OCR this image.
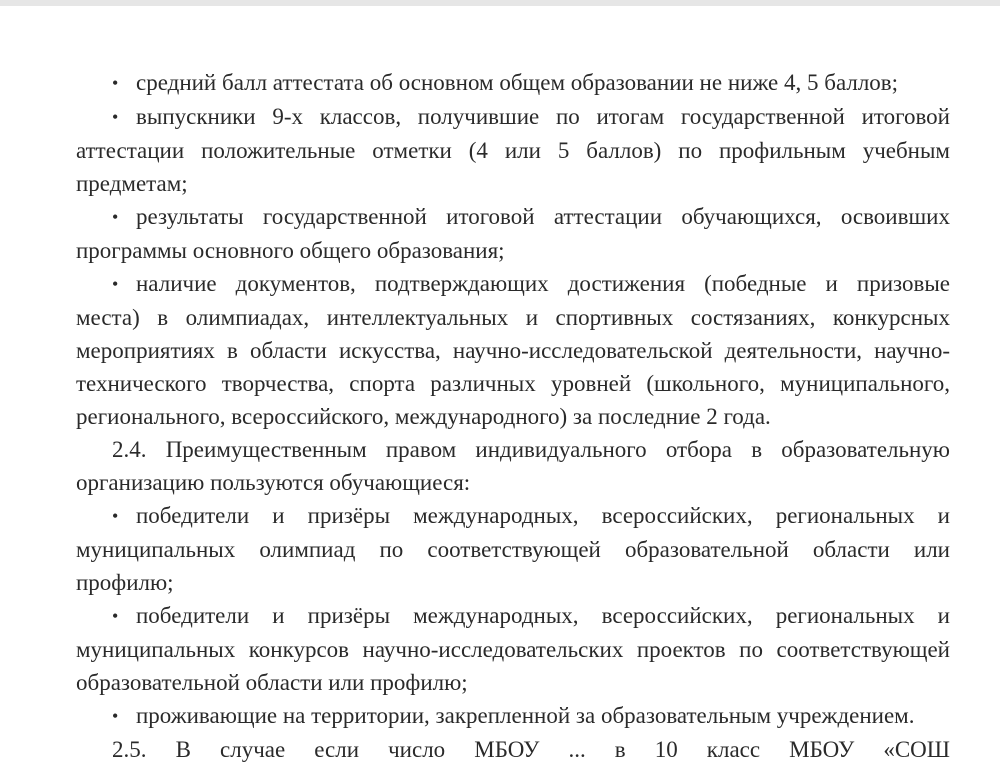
• средний балл аттестата об основном общем образовании не ниже 4, 5 баллов;
• выпускники 9-х классов, получившие по итогам государственной итоговой
аттестации положительные отметки (4 или 5 баллов) по профильным учебным
предметам;
• результаты государственной итоговой аттестации обучающихся, освоивших
программы основного общего образования;
• наличие документов, подтверждающих достижения (победные и призовые
места) в олимпиадах, интеллектуальных и спортивных состязаниях, конкурсных
мероприятиях в области искусства, научно-исследовательской деятельности, научно-
технического творчества, спорта различных уровней (школьного, муниципального,
регионального, всероссийского, международного) за последние 2 года.
2.4. Преимущественным правом индивидуального отбора в образовательную
организацию пользуются обучающиеся:
• победители и призёры международных, всероссийских, региональных и
муниципальных олимпиад по соответствующей образовательной области или
профилю;
• победители и призёры международных, всероссийских, региональных и
муниципальных конкурсов научно-исследовательских проектов по соответствующей
образовательной области или профилю;
• проживающие на территории, закрепленной за образовательным учреждением.
2.5. В случае если число МБОУ ... в 10 класс МБОУ «СОШ
